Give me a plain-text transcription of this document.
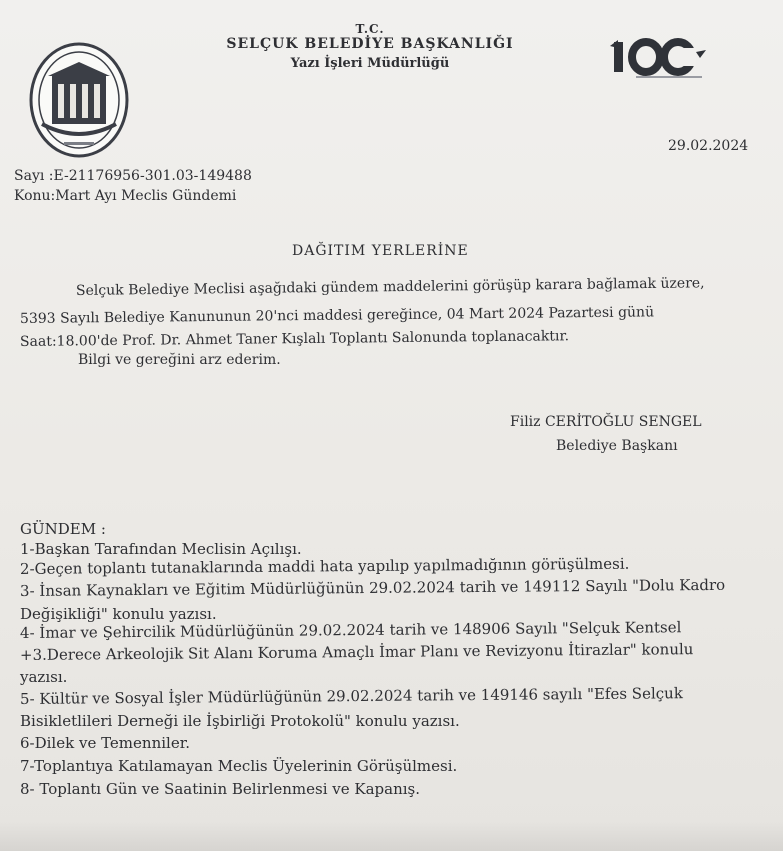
T.C.
SELÇUK BELEDİYE BAŞKANLIĞI
Yazı İşleri Müdürlüğü
29.02.2024
Sayı :E-21176956-301.03-149488
Konu:Mart Ayı Meclis Gündemi
DAĞITIM YERLERİNE
Selçuk Belediye Meclisi aşağıdaki gündem maddelerini görüşüp karara bağlamak üzere,
5393 Sayılı Belediye Kanununun 20'nci maddesi gereğince, 04 Mart 2024 Pazartesi günü
Saat:18.00'de Prof. Dr. Ahmet Taner Kışlalı Toplantı Salonunda toplanacaktır.
Bilgi ve gereğini arz ederim.
Filiz CERİTOĞLU SENGEL
Belediye Başkanı
GÜNDEM :
1-Başkan Tarafından Meclisin Açılışı.
2-Geçen toplantı tutanaklarında maddi hata yapılıp yapılmadığının görüşülmesi.
3- İnsan Kaynakları ve Eğitim Müdürlüğünün 29.02.2024 tarih ve 149112 Sayılı "Dolu Kadro
Değişikliği" konulu yazısı.
4- İmar ve Şehircilik Müdürlüğünün 29.02.2024 tarih ve 148906 Sayılı "Selçuk Kentsel
+3.Derece Arkeolojik Sit Alanı Koruma Amaçlı İmar Planı ve Revizyonu İtirazlar" konulu
yazısı.
5- Kültür ve Sosyal İşler Müdürlüğünün 29.02.2024 tarih ve 149146 sayılı "Efes Selçuk
Bisikletlileri Derneği ile İşbirliği Protokolü" konulu yazısı.
6-Dilek ve Temenniler.
7-Toplantıya Katılamayan Meclis Üyelerinin Görüşülmesi.
8- Toplantı Gün ve Saatinin Belirlenmesi ve Kapanış.
